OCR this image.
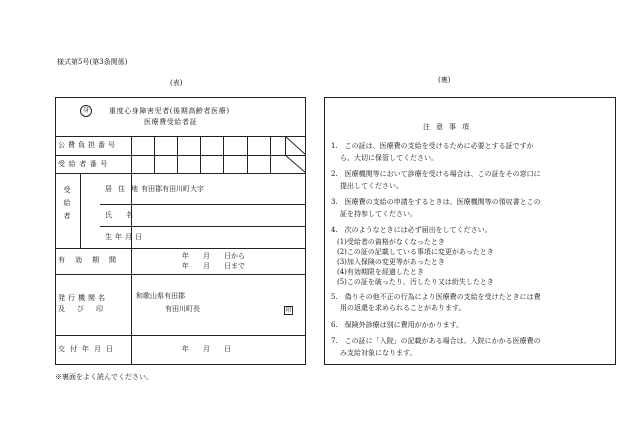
様式第5号(第3条関係)
(表)	(裏)
身	重度心身障害児者(後期高齢者医療)
医療費受給者証
公費負担番号
受給者番号
受給者	居住地
有田郡有田川町大字
氏名
生年月日
有効期間	年　　月　　日から
年　　月　　日まで
発行機関名
及び印
和歌山県有田郡
有田川町長	印
交付年月日	年　　月　　日
※裏面をよく読んでください。
注意事項

1.　この証は、医療費の支給を受けるために必要とする証ですか

ら、大切に保管してください。

2.　医療機関等において診療を受ける場合は、この証をその窓口に

提出してください。

3.　医療費の支給の申請をするときは、医療機関等の領収書とこの

証を持参してください。

4.　次のようなときには必ず届出をしてください。

(1)受給者の資格がなくなったとき

(2)この証の記載している事項に変更があったとき

(3)加入保険の変更等があったとき

(4)有効期限を経過したとき

(5)この証を破ったり、汚したり又は紛失したとき

5.　偽りその他不正の行為により医療費の支給を受けたときには費

用の返還を求められることがあります。

6.　保険外診療は別に費用がかかります。

7.　この証に「入院」の記載がある場合は、入院にかかる医療費の

み支給対象になります。
